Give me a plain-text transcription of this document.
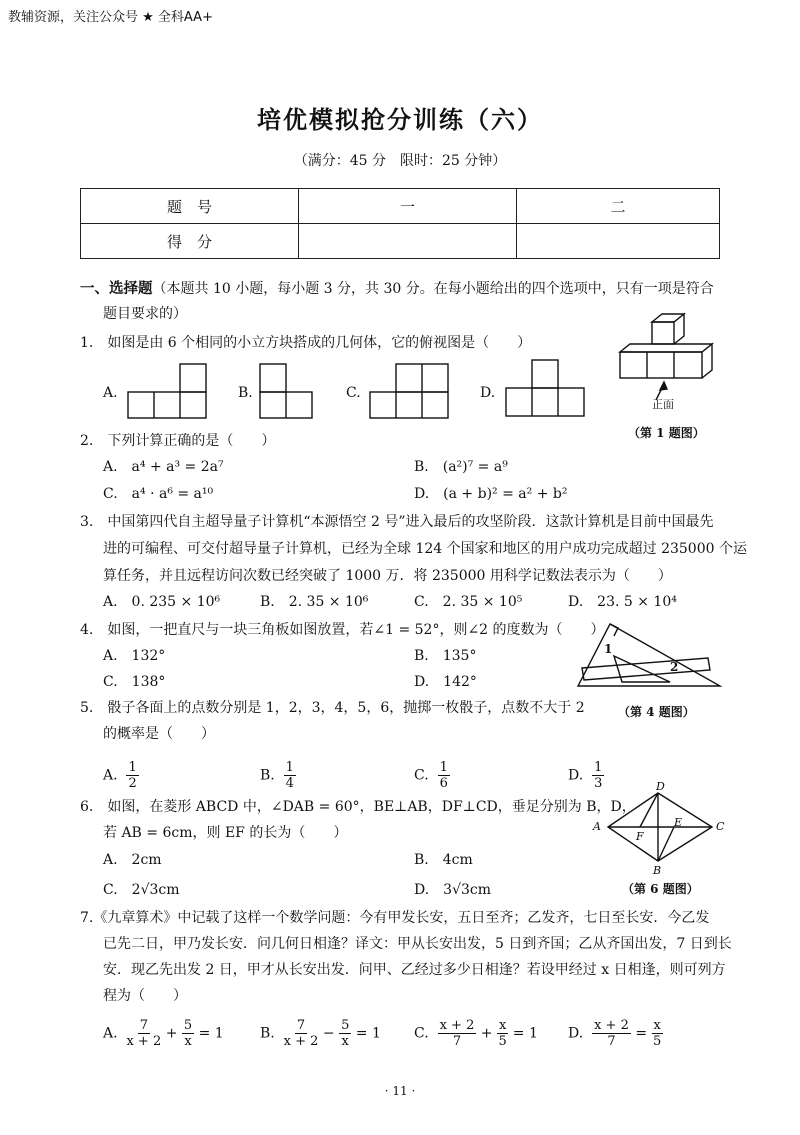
教辅资源，关注公众号 ★ 全科AA+
培优模拟抢分训练（六）
（满分：45 分　限时：25 分钟）
题　号	一	二
得　分		
一、选择题（本题共 10 小题，每小题 3 分，共 30 分。在每小题给出的四个选项中，只有一项是符合
题目要求的）
1.　如图是由 6 个相同的小立方块搭成的几何体，它的俯视图是（　　）
A.	B.	C.	D.
正面
（第 1 题图）
2.　下列计算正确的是（　　）
A.　a⁴ + a³ = 2a⁷	B.　(a²)⁷ = a⁹
C.　a⁴ · a⁶ = a¹⁰	D.　(a + b)² = a² + b²
3.　中国第四代自主超导量子计算机“本源悟空 2 号”进入最后的攻坚阶段．这款计算机是目前中国最先
进的可编程、可交付超导量子计算机，已经为全球 124 个国家和地区的用户成功完成超过 235000 个运
算任务，并且远程访问次数已经突破了 1000 万．将 235000 用科学记数法表示为（　　）
A.　0. 235 × 10⁶	B.　2. 35 × 10⁶	C.　2. 35 × 10⁵	D.　23. 5 × 10⁴
4.　如图，一把直尺与一块三角板如图放置，若∠1 = 52°，则∠2 的度数为（　　）
A.　132°	B.　135°
C.　138°	D.　142°
1
2
（第 4 题图）
5.　骰子各面上的点数分别是 1，2，3，4，5，6，抛掷一枚骰子，点数不大于 2
的概率是（　　）
A. $\frac{1}{2}$	B. $\frac{1}{4}$	C. $\frac{1}{6}$	D. $\frac{1}{3}$
6.　如图，在菱形 ABCD 中，∠DAB = 60°，BE⊥AB，DF⊥CD，垂足分别为 B，D，
若 AB = 6cm，则 EF 的长为（　　）
A.　2cm	B.　4cm
C.　2√3cm	D.　3√3cm
A
B
C
D
E
F
（第 6 题图）
7.《九章算术》中记载了这样一个数学问题：今有甲发长安，五日至齐；乙发齐，七日至长安．今乙发
已先二日，甲乃发长安．问几何日相逢？译文：甲从长安出发，5 日到齐国；乙从齐国出发，7 日到长
安．现乙先出发 2 日，甲才从长安出发．问甲、乙经过多少日相逢？若设甲经过 x 日相逢，则可列方
程为（　　）
A. $\frac{7}{x + 2} + \frac{5}{x} = 1$	B. $\frac{7}{x + 2} - \frac{5}{x} = 1$ C. $\frac{x + 2}{7} + \frac{x}{5} = 1$ D. $\frac{x + 2}{7} = \frac{x}{5}$
· 11 ·
